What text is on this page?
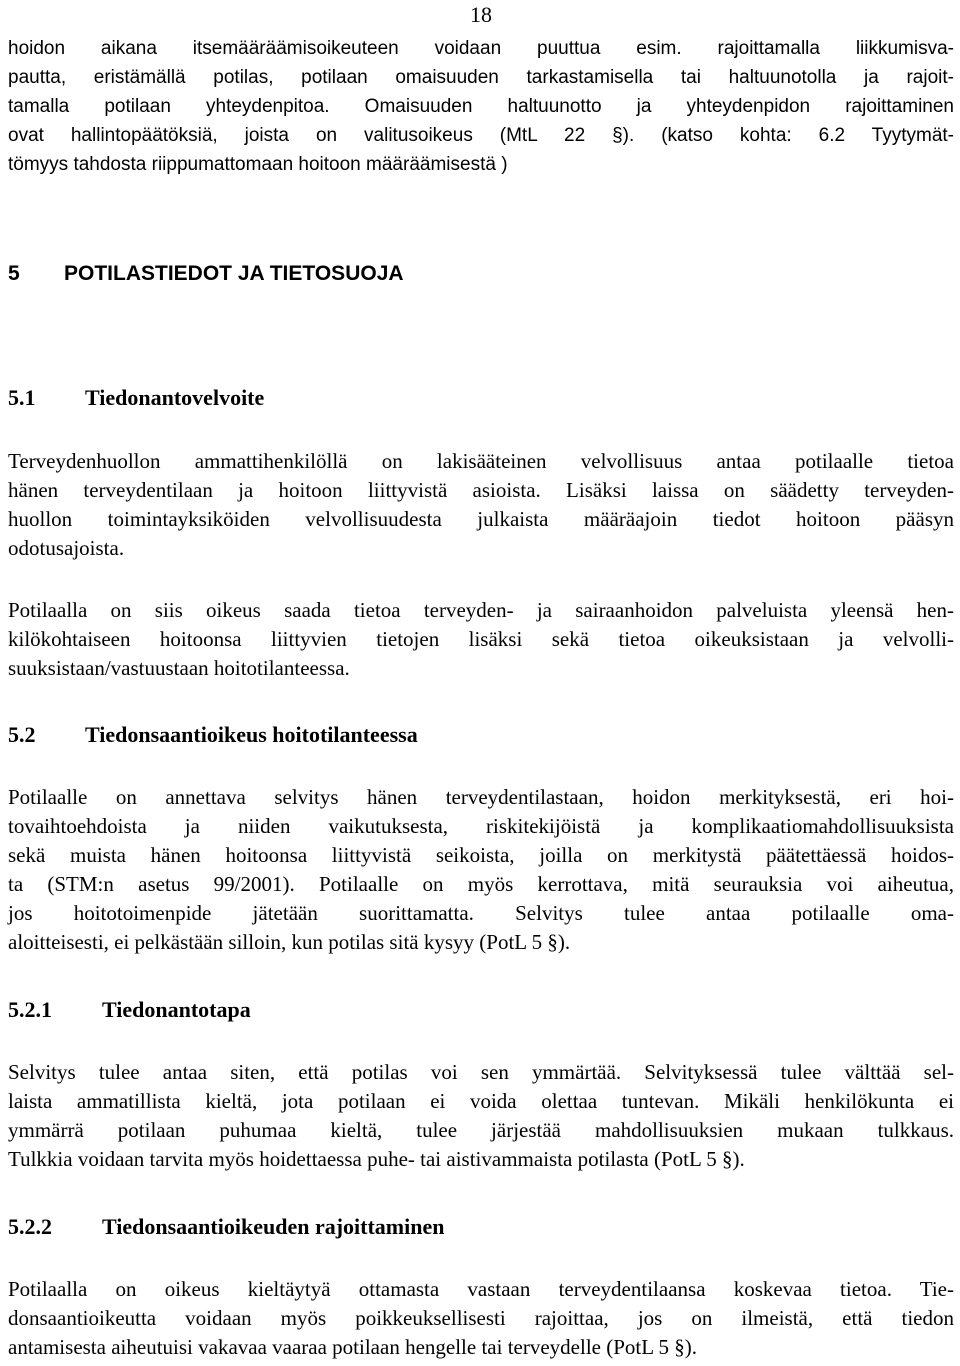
18
hoidon aikana itsemääräämisoikeuteen voidaan puuttua esim. rajoittamalla liikkumisva-
pautta, eristämällä potilas, potilaan omaisuuden tarkastamisella tai haltuunotolla ja rajoit-
tamalla potilaan yhteydenpitoa. Omaisuuden haltuunotto ja yhteydenpidon rajoittaminen
ovat hallintopäätöksiä, joista on valitusoikeus (MtL 22 §). (katso kohta: 6.2 Tyytymät-
tömyys tahdosta riippumattomaan hoitoon määräämisestä )
5 POTILASTIEDOT JA TIETOSUOJA
5.1 Tiedonantovelvoite
Terveydenhuollon ammattihenkilöllä on lakisääteinen velvollisuus antaa potilaalle tietoa
hänen terveydentilaan ja hoitoon liittyvistä asioista. Lisäksi laissa on säädetty terveyden-
huollon toimintayksiköiden velvollisuudesta julkaista määräajoin tiedot hoitoon pääsyn
odotusajoista.
Potilaalla on siis oikeus saada tietoa terveyden- ja sairaanhoidon palveluista yleensä hen-
kilökohtaiseen hoitoonsa liittyvien tietojen lisäksi sekä tietoa oikeuksistaan ja velvolli-
suuksistaan/vastuustaan hoitotilanteessa.
5.2 Tiedonsaantioikeus hoitotilanteessa
Potilaalle on annettava selvitys hänen terveydentilastaan, hoidon merkityksestä, eri hoi-
tovaihtoehdoista ja niiden vaikutuksesta, riskitekijöistä ja komplikaatiomahdollisuuksista
sekä muista hänen hoitoonsa liittyvistä seikoista, joilla on merkitystä päätettäessä hoidos-
ta (STM:n asetus 99/2001). Potilaalle on myös kerrottava, mitä seurauksia voi aiheutua,
jos hoitotoimenpide jätetään suorittamatta. Selvitys tulee antaa potilaalle oma-
aloitteisesti, ei pelkästään silloin, kun potilas sitä kysyy (PotL 5 §).
5.2.1 Tiedonantotapa
Selvitys tulee antaa siten, että potilas voi sen ymmärtää. Selvityksessä tulee välttää sel-
laista ammatillista kieltä, jota potilaan ei voida olettaa tuntevan. Mikäli henkilökunta ei
ymmärrä potilaan puhumaa kieltä, tulee järjestää mahdollisuuksien mukaan tulkkaus.
Tulkkia voidaan tarvita myös hoidettaessa puhe- tai aistivammaista potilasta (PotL 5 §).
5.2.2 Tiedonsaantioikeuden rajoittaminen
Potilaalla on oikeus kieltäytyä ottamasta vastaan terveydentilaansa koskevaa tietoa. Tie-
donsaantioikeutta voidaan myös poikkeuksellisesti rajoittaa, jos on ilmeistä, että tiedon
antamisesta aiheutuisi vakavaa vaaraa potilaan hengelle tai terveydelle (PotL 5 §).
